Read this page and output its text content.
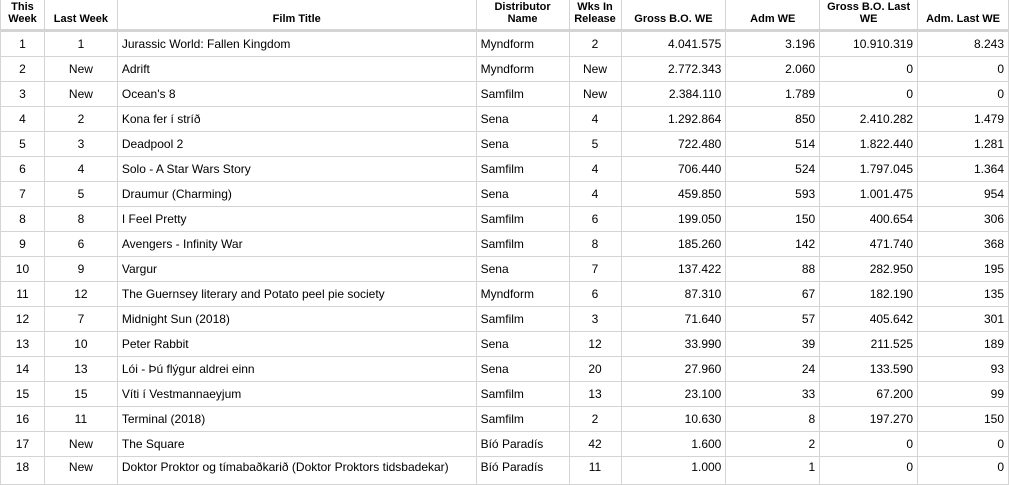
This Week	Last Week	Film Title	Distributor Name	Wks In Release	Gross B.O. WE	Adm WE	Gross B.O. Last WE	Adm. Last WE
1	1	Jurassic World: Fallen Kingdom	Myndform	2	4.041.575	3.196	10.910.319	8.243
2	New	Adrift	Myndform	New	2.772.343	2.060	0	0
3	New	Ocean's 8	Samfilm	New	2.384.110	1.789	0	0
4	2	Kona fer í stríð	Sena	4	1.292.864	850	2.410.282	1.479
5	3	Deadpool 2	Sena	5	722.480	514	1.822.440	1.281
6	4	Solo - A Star Wars Story	Samfilm	4	706.440	524	1.797.045	1.364
7	5	Draumur (Charming)	Sena	4	459.850	593	1.001.475	954
8	8	I Feel Pretty	Samfilm	6	199.050	150	400.654	306
9	6	Avengers - Infinity War	Samfilm	8	185.260	142	471.740	368
10	9	Vargur	Sena	7	137.422	88	282.950	195
11	12	The Guernsey literary and Potato peel pie society	Myndform	6	87.310	67	182.190	135
12	7	Midnight Sun (2018)	Samfilm	3	71.640	57	405.642	301
13	10	Peter Rabbit	Sena	12	33.990	39	211.525	189
14	13	Lói - Þú flýgur aldrei einn	Sena	20	27.960	24	133.590	93
15	15	Víti í Vestmannaeyjum	Samfilm	13	23.100	33	67.200	99
16	11	Terminal (2018)	Samfilm	2	10.630	8	197.270	150
17	New	The Square	Bíó Paradís	42	1.600	2	0	0
18	New	Doktor Proktor og tímabaðkarið (Doktor Proktors tidsbadekar)	Bíó Paradís	11	1.000	1	0	0
